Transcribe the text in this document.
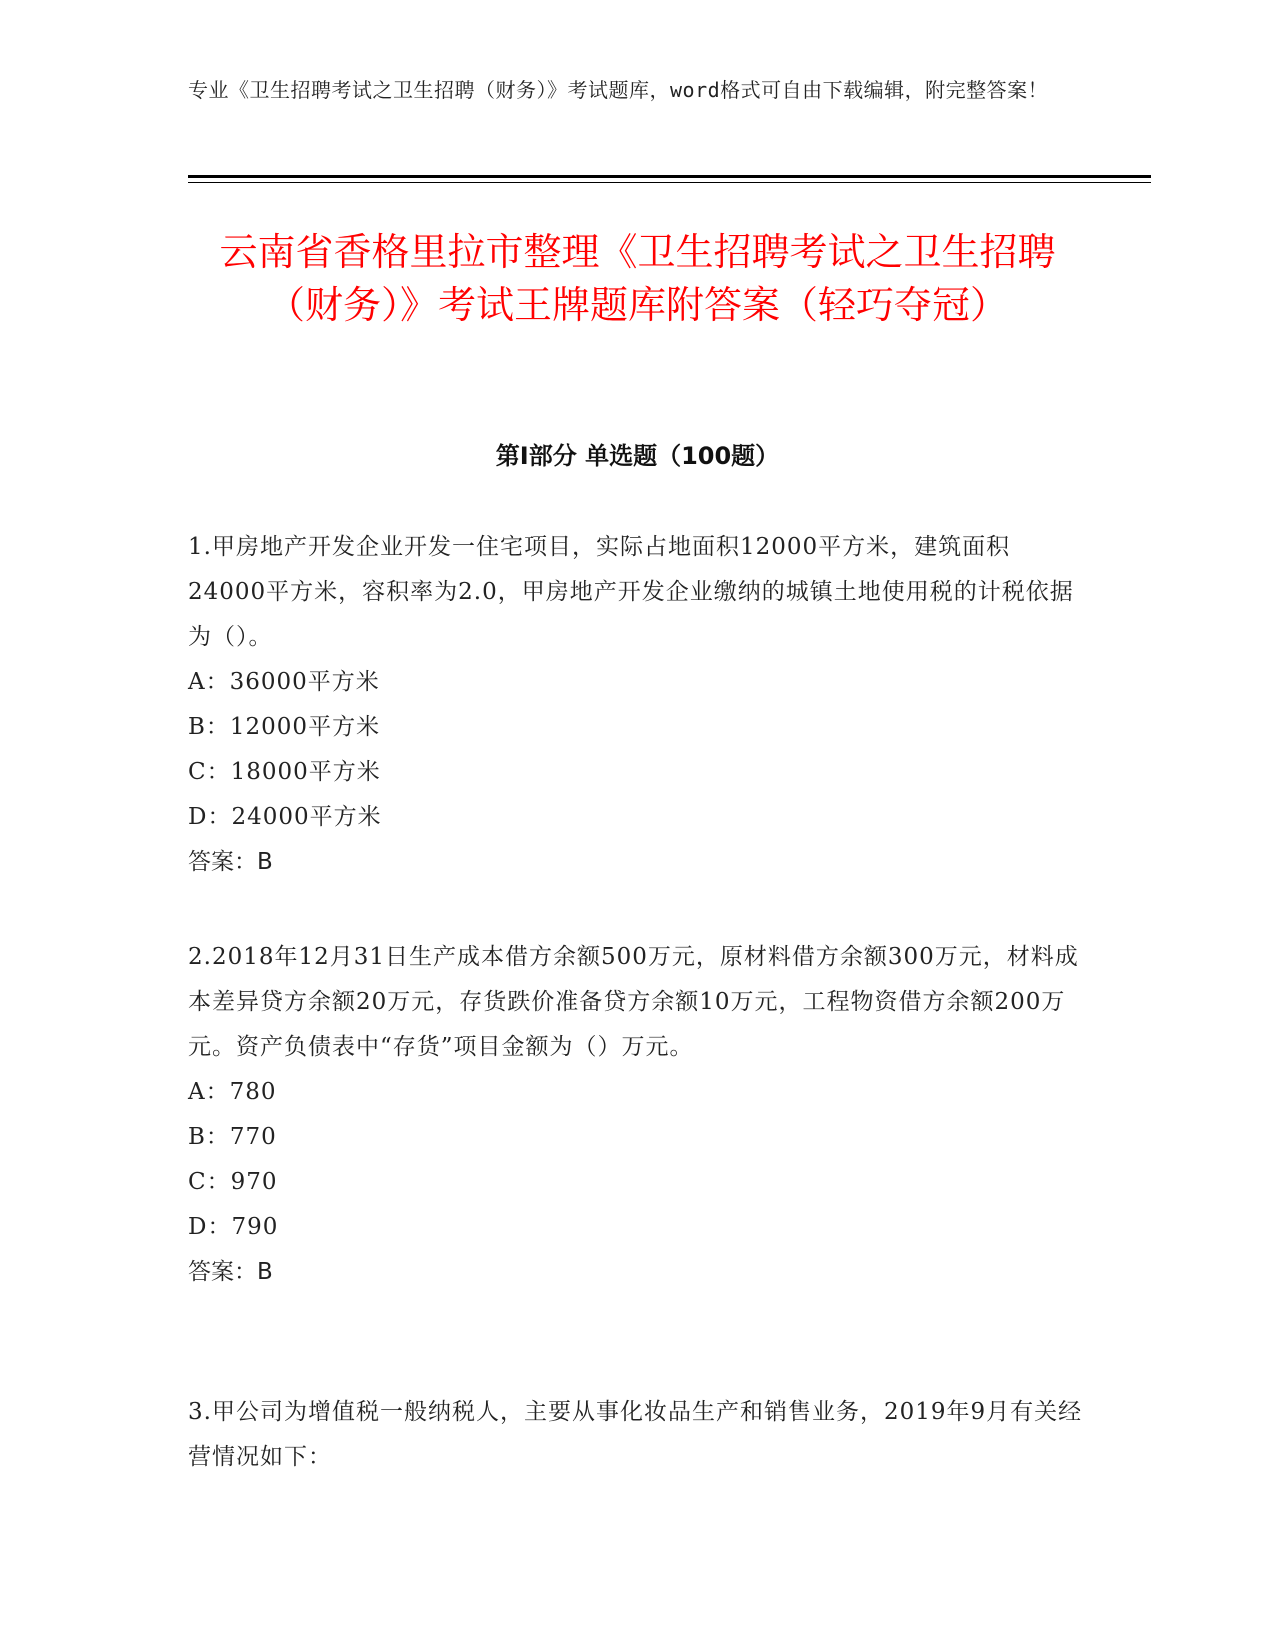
专业《卫生招聘考试之卫生招聘（财务）》考试题库，word格式可自由下载编辑，附完整答案！
云南省香格里拉市整理《卫生招聘考试之卫生招聘（财务）》考试王牌题库附答案（轻巧夺冠）
第I部分 单选题（100题）
1.甲房地产开发企业开发一住宅项目，实际占地面积12000平方米，建筑面积24000平方米，容积率为2.0，甲房地产开发企业缴纳的城镇土地使用税的计税依据为（）。
A：36000平方米
B：12000平方米
C：18000平方米
D：24000平方米
答案：B
2.2018年12月31日生产成本借方余额500万元，原材料借方余额300万元，材料成本差异贷方余额20万元，存货跌价准备贷方余额10万元，工程物资借方余额200万元。资产负债表中“存货”项目金额为（）万元。
A：780
B：770
C：970
D：790
答案：B
3.甲公司为增值税一般纳税人，主要从事化妆品生产和销售业务，2019年9月有关经营情况如下：
